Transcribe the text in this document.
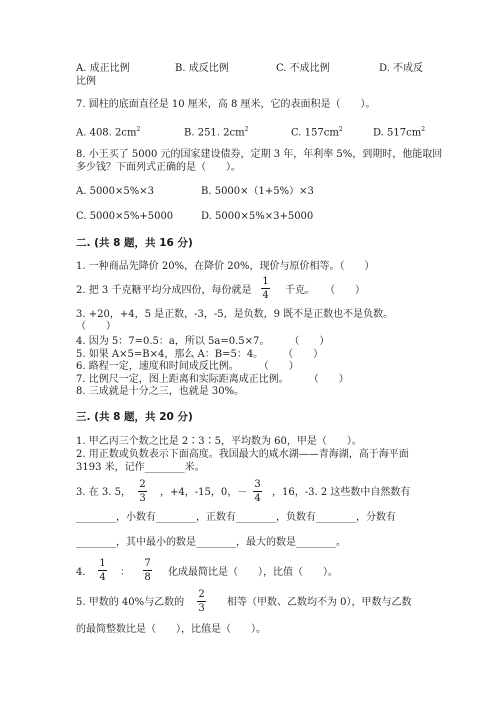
A. 成正比例	B. 成反比例	C. 不成比例	D. 不成反
比例
7. 圆柱的底面直径是 10 厘米，高 8 厘米，它的表面积是（　　）。
A. 408. $2cm^2$	B. 251. $2cm^2$	C. $157cm^2$	D. $517cm^2$
8. 小王买了 5000 元的国家建设债券，定期 3 年，年利率 5%，到期时，他能取回
多少钱？下面列式正确的是（　　）。
A. 5000×5%×3	B. 5000×（1+5%）×3
C. 5000×5%+5000	D. 5000×5%×3+5000
二. (共 8 题，共 16 分)
1. 一种商品先降价 20%，在降价 20%，现价与原价相等。（　　）
2. 把 3 千克糖平均分成四份，每份就是
1
4 千克。　　（　　）
3. +20，+4，5 是正数，-3，-5，是负数，9 既不是正数也不是负数。
（　　）
4. 因为 5：7=0.5：a，所以 5a=0.5×7。　　　（　　）
5. 如果 A×5=B×4，那么 A：B=5：4。　　　（　　）
6. 路程一定，速度和时间成反比例。　　　（　　）
7. 比例尺一定，图上距离和实际距离成正比例。　　　（　　）
8. 三成就是十分之三，也就是 30%。
三. (共 8 题，共 20 分)
1. 甲乙丙三个数之比是 2∶3∶5，平均数为 60，甲是（　　）。
2. 用正数或负数表示下面高度。我国最大的咸水湖——青海湖，高于海平面
3193 米，记作________米。
3. 在 3. 5，
2
3
，+4，-15，0，－
3
4
，16，-3. 2 这些数中自然数有
________，小数有________，正数有________，负数有________，分数有
________，其中最小的数是________，最大的数是________。
4.
1
4 ：
7
8 化成最简比是（　　），比值（　　）。
5. 甲数的 40%与乙数的
2
3
相等（甲数、乙数均不为 0），甲数与乙数
的最简整数比是（　　），比值是（　　）。
